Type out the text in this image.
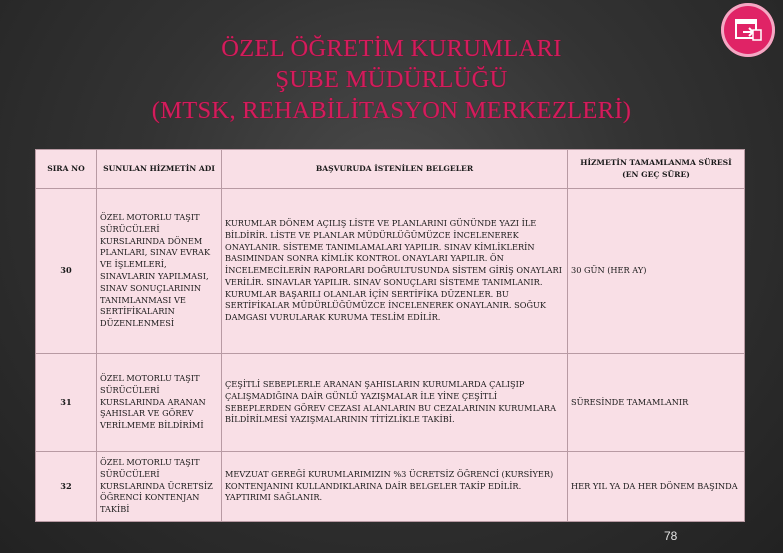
ÖZEL ÖĞRETİM KURUMLARI
ŞUBE MÜDÜRLÜĞÜ
(MTSK, REHABİLİTASYON MERKEZLERİ)
SIRA NO	SUNULAN HİZMETİN ADI	BAŞVURUDA İSTENİLEN BELGELER	HİZMETİN TAMAMLANMA SÜRESİ (EN GEÇ SÜRE)
30	ÖZEL MOTORLU TAŞIT SÜRÜCÜLERİ KURSLARINDA DÖNEM PLANLARI, SINAV EVRAK VE İŞLEMLERİ, SINAVLARIN YAPILMASI, SINAV SONUÇLARININ TANIMLANMASI VE SERTİFİKALARIN DÜZENLENMESİ	KURUMLAR DÖNEM AÇILIŞ LİSTE VE PLANLARINI GÜNÜNDE YAZI İLE BİLDİRİR. LİSTE VE PLANLAR MÜDÜRLÜĞÜMÜZCE İNCELENEREK ONAYLANIR. SİSTEME TANIMLAMALARI YAPILIR. SINAV KİMLİKLERİN BASIMINDAN SONRA KİMLİK KONTROL ONAYLARI YAPILIR. ÖN İNCELEMECİLERİN RAPORLARI DOĞRULTUSUNDA SİSTEM GİRİŞ ONAYLARI VERİLİR. SINAVLAR YAPILIR. SINAV SONUÇLARI SİSTEME TANIMLANIR. KURUMLAR BAŞARILI OLANLAR İÇİN SERTİFİKA DÜZENLER. BU SERTİFİKALAR MÜDÜRLÜĞÜMÜZCE İNCELENEREK ONAYLANIR. SOĞUK DAMGASI VURULARAK KURUMA TESLİM EDİLİR.	30 GÜN (HER AY)
31	ÖZEL MOTORLU TAŞIT SÜRÜCÜLERİ KURSLARINDA ARANAN ŞAHISLAR VE GÖREV VERİLMEME BİLDİRİMİ	ÇEŞİTLİ SEBEPLERLE ARANAN ŞAHISLARIN KURUMLARDA ÇALIŞIP ÇALIŞMADIĞINA DAİR GÜNLÜ YAZIŞMALAR İLE YİNE ÇEŞİTLİ SEBEPLERDEN GÖREV CEZASI ALANLARIN BU CEZALARININ KURUMLARA BİLDİRİLMESİ YAZIŞMALARININ TİTİZLİKLE TAKİBİ.	SÜRESİNDE TAMAMLANIR
32	ÖZEL MOTORLU TAŞIT SÜRÜCÜLERİ KURSLARINDA ÜCRETSİZ ÖĞRENCİ KONTENJAN TAKİBİ	MEVZUAT GEREĞİ KURUMLARIMIZIN %3 ÜCRETSİZ ÖĞRENCİ (KURSİYER) KONTENJANINI KULLANDIKLARINA DAİR BELGELER TAKİP EDİLİR. YAPTIRIMI SAĞLANIR.	HER YIL YA DA HER DÖNEM BAŞINDA
78
